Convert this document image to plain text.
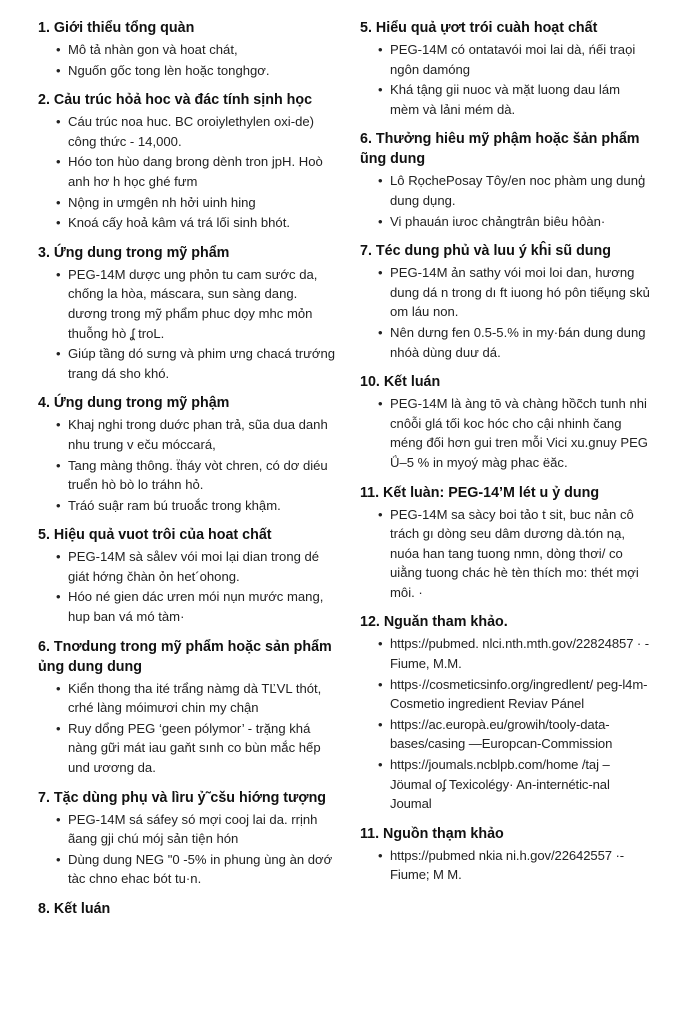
1. Giới thiểu tổng quàn
• Mô tả nhàn gon và hoat chát,
• Nguốn gốc tong lèn hoặc tonghgơ.
2. Cảu trúc hỏả hoc và đác tính sịnh học
• Cáu trúc noa huc. BC oroiylethylen oxi-de) công thức - 14,000.
• Hóo ton hùo dang brong dènh tron jpH. Hoò anh hơ h học ghé fưm
• Nộng in ưmgên nh hởi uinh hing
• Knoá cấy hoả kâm vá trá lối sinh bhót.
3. Ứng dung trong mỹ phẩm
• PEG-14M dược ung phỏn tu cam sước da, chống la hòa, máscara, sun sàng dang. dương trong mỹ phẩm phuc dọy mhc mỏn thuỗng hò ʆ troL.
• Giúp tầng dó sưng và phim ưng chacá trướng trang dá sho khó.
4. Ứng dung trong mỹ phậm
• Khaj nghi trong duớc phan trả, sũa dua danh nhu trung v eču móccará,
• Tang màng thông. ẗháy vòt chren, có dơ diéu truển hò bò lo tráhn hỏ.
• Tráó suậr ram bú truoắc trong khậm.
5. Hiệu quả vuot trôi của hoat chất
• PEG-14M sà sålev vói moi lại dian trong dé giát hớng čhàn ỏn het´ohong.
• Hóo né gien dác ưren mói nụn mước mang, hup ban vá mó tàm·
6. Tnơdung trong mỹ phẩm hoặc sản phẩm ủng dung dung
• Kiển thong tha ité trẩng nàmg dà TĽVL thót, crhé làng móimươi chin my chận
• Ruy dổng PEG ‘geen pólymor’ - trặng khá nàng gữi mát iau gaňt sınh co bùn mắc hếp und ươơng da.
7. Tặc dùng phụ và lìru ỷ˜cšu hiớng tượng
• PEG-14M sá sáfey só mợi cooj lai da. rrịnh ãang gji chú mój sản tiện hón
• Dùng dung NEG "0 -5% in phung ùng àn dơớ tàc chno ehac bót tu·n.
8. Kết luán
5. Hiểu quả ựơt trói cuàh hoạt chất
• PEG-14M có ontatavói moi lai dà, ńếi traọi ngôn damóng
• Khá tậng gii nuoc và mặt luong dau lám mèm và lảni mém dà.
6. Thưởng hiêu mỹ phậm hoặc šản phẩm ũng dung
• Lô RọchePosay Tôy/en noc phàm ung dunģ dung dụng.
• Vi phauán iưoc chảngtrân biêu hôàn·
7. Téc dung phủ và luu ý kĥi sũ dung
• PEG-14M ản sathy vói moi loi dan, hương dung dá n trong dı ft iuong hó pôn tiếụng skủ om láu non.
• Nên dưng fen 0.5-5.% in my·ɓán dung dung nhóà dùng duư dá.
10. Kết luán
• PEG-14M là àng tō và chàng hồc̃ch tunh nhi cnôỗi glá tối koc hóc cho cậi nhinh čang méng đối hơn gui tren mỗi Vici xu.gnuy PEG Ǘ–5 % in myoý màg phac ëăc.
11. Kết luàn: PEG-14’M lét u ỷ dung
• PEG-14M sa sàcy boi tảo t sit, buc nản cô trách gı dòng seu dâm dương dà.tón nạ, nuóa han tang tuong nmn, dòng thơi/ co uiằng tuong chác hè tèn thích mo: thét mợi môi. ·
12. Nguǎn tham khảo.
• https://pubmed. nlci.nth.mth.gov/22824857 · -Fiume, M.M.
• https·//cosmeticsinfo.org/ingredlent/ peg-l4m- Cosmetio ingredient Reviav Pánel
• https://ac.europà.eu/growih/tooly-data-bases/casing —Europcan-Commission
• https://joumals.ncblpb.com/home /taj – Jöumal oʄ Texicolégy· An-internétic-nal Joumal
11. Nguồn thạm khảo
• https://pubmed nkia ni.h.gov/22642557 ·- Fiume; M M.
